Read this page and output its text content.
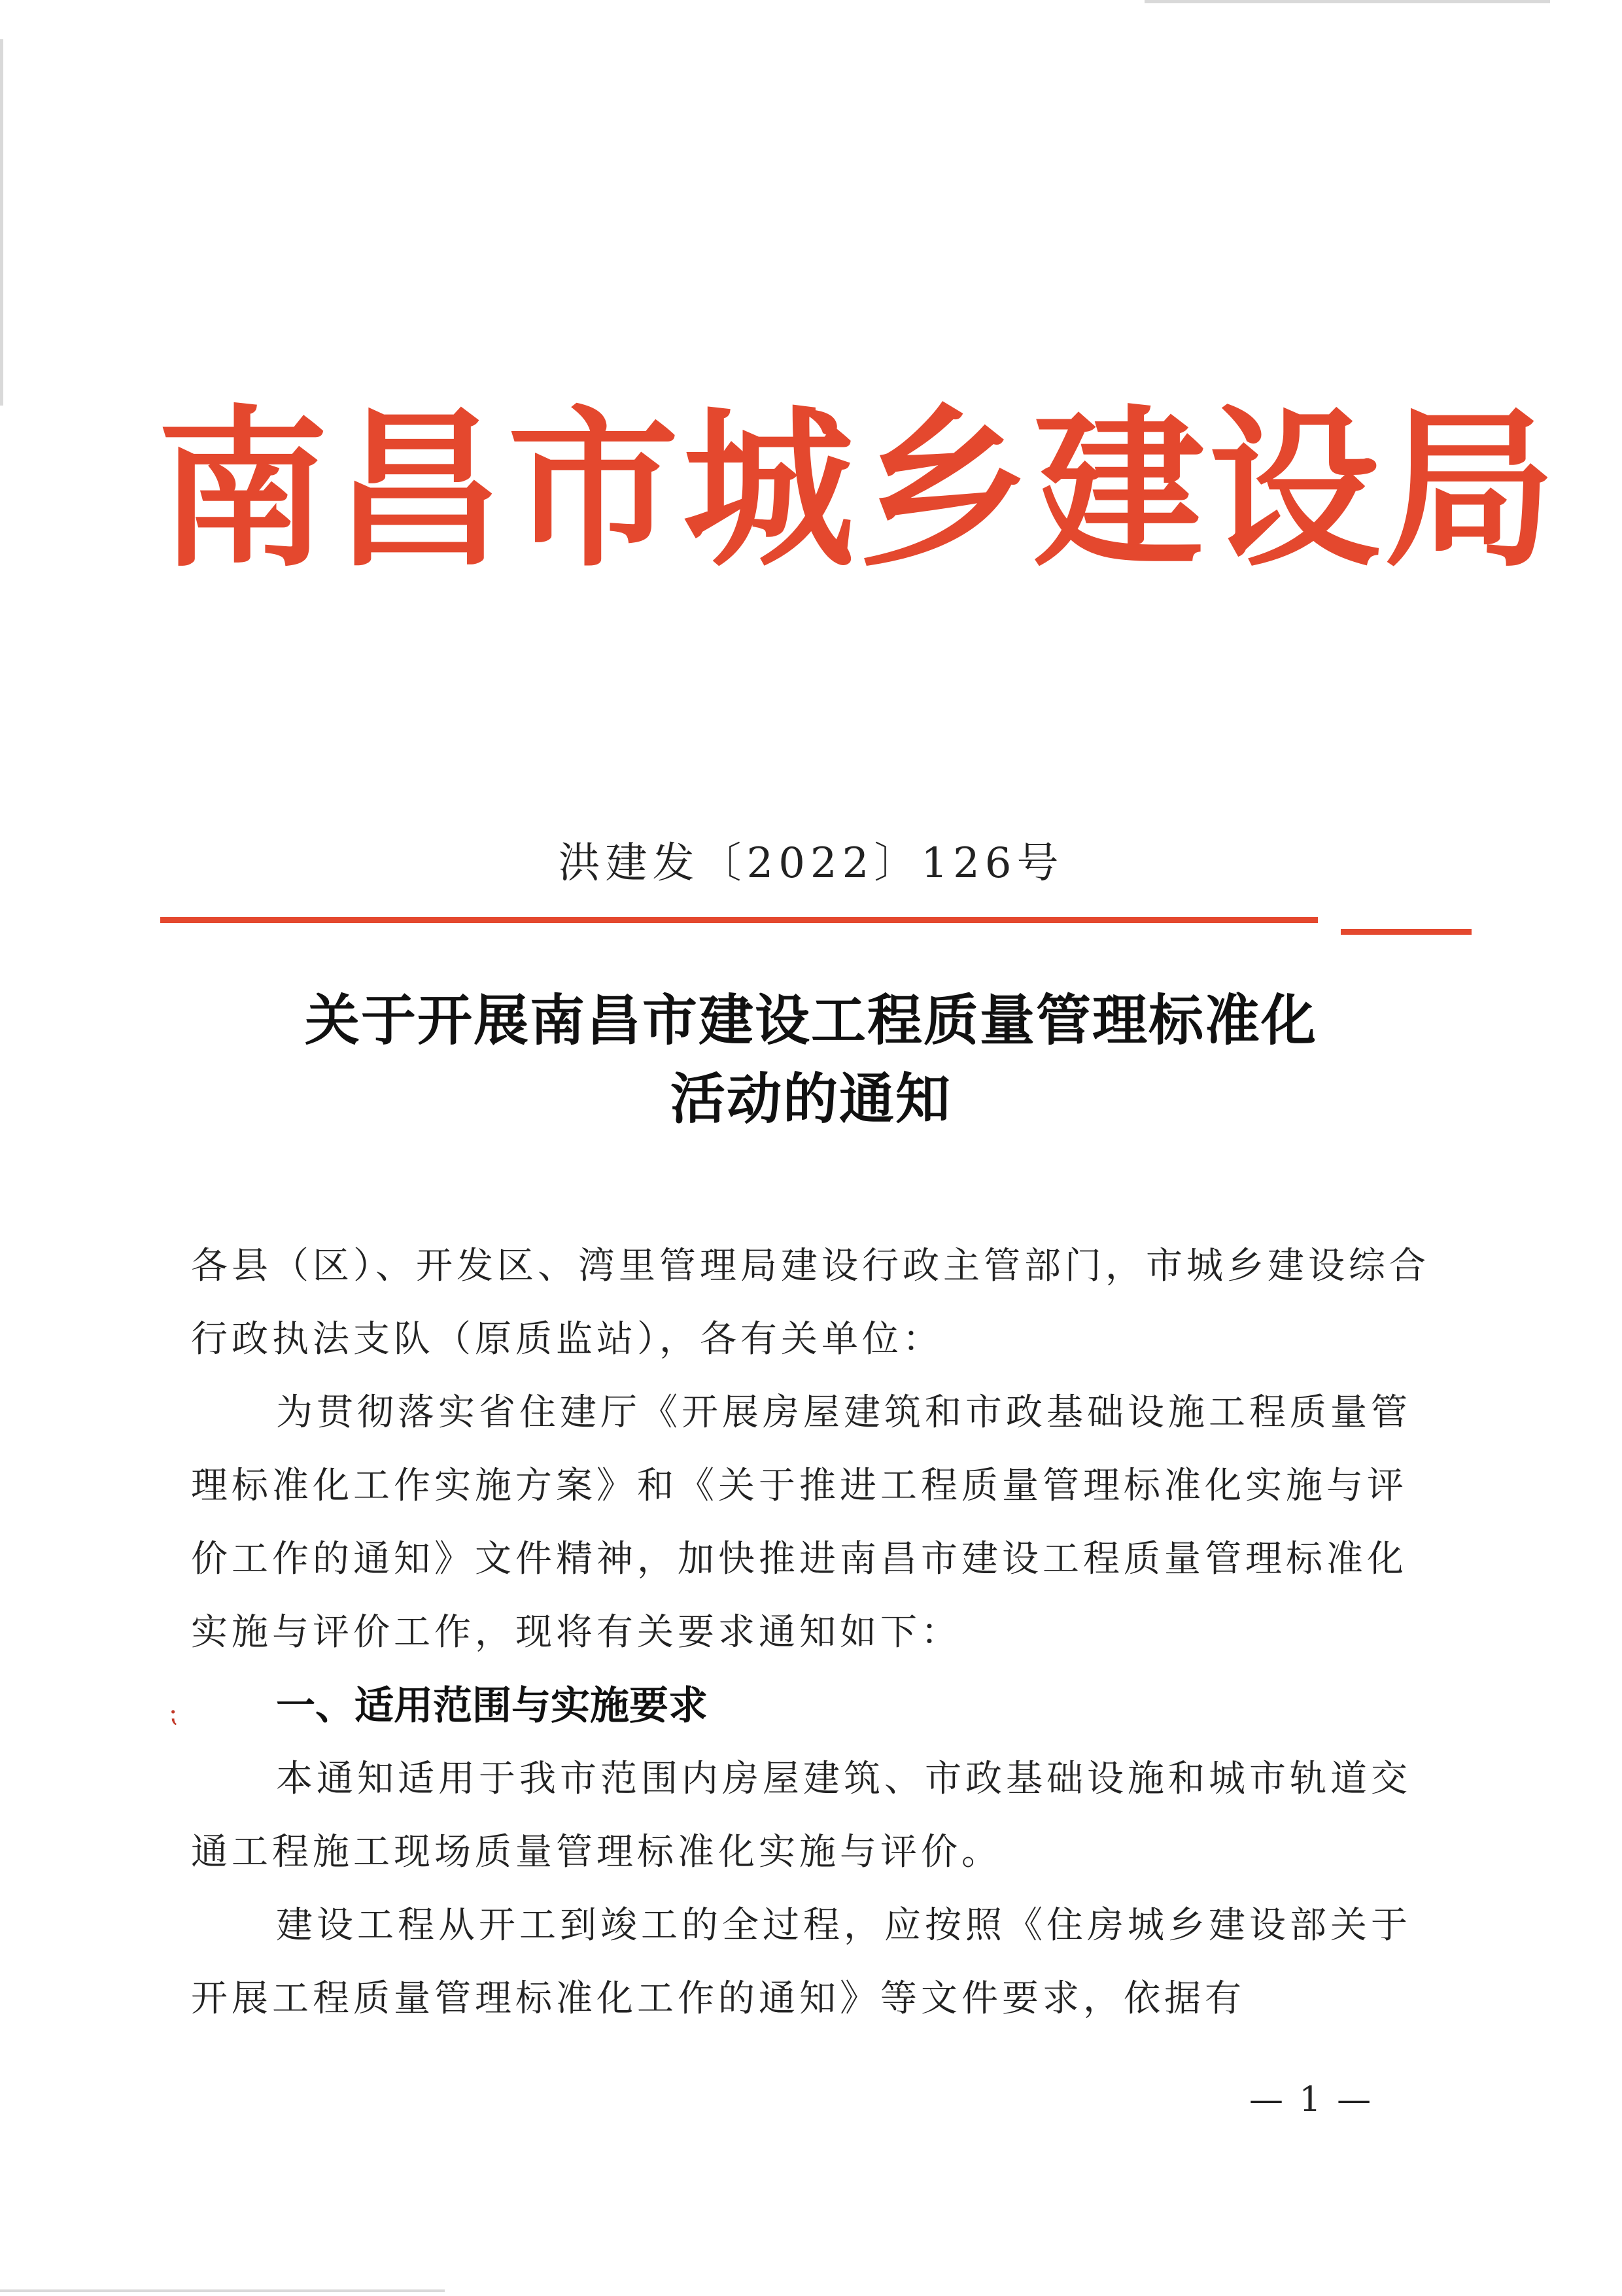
南昌市城乡建设局
洪建发〔2022〕126号
关于开展南昌市建设工程质量管理标准化
活动的通知

各县（区）、开发区、湾里管理局建设行政主管部门，市城乡建设综合行政执法支队（原质监站），各有关单位：

为贯彻落实省住建厅《开展房屋建筑和市政基础设施工程质量管理标准化工作实施方案》和《关于推进工程质量管理标准化实施与评价工作的通知》文件精神，加快推进南昌市建设工程质量管理标准化实施与评价工作，现将有关要求通知如下：

⁏	一、适用范围与实施要求

本通知适用于我市范围内房屋建筑、市政基础设施和城市轨道交通工程施工现场质量管理标准化实施与评价。

建设工程从开工到竣工的全过程，应按照《住房城乡建设部关于开展工程质量管理标准化工作的通知》等文件要求，依据有

— 1 —
